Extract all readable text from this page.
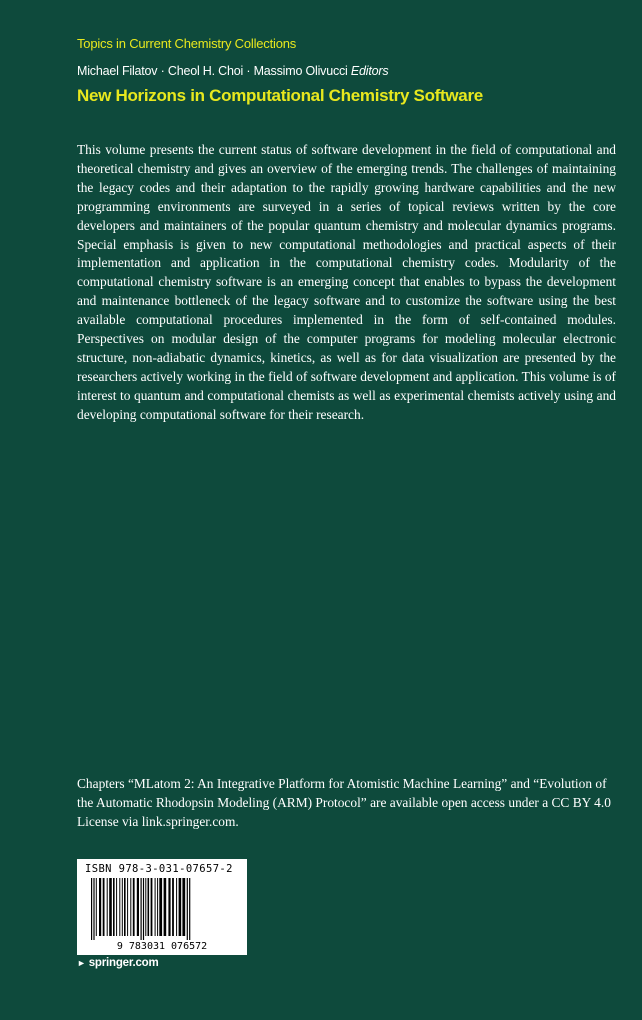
Topics in Current Chemistry Collections
Michael Filatov · Cheol H. Choi · Massimo Olivucci Editors
New Horizons in Computational Chemistry Software

This volume presents the current status of software development in the field of computational and theoretical chemistry and gives an overview of the emerging trends. The challenges of maintaining the legacy codes and their adaptation to the rapidly growing hardware capabilities and the new programming environments are surveyed in a series of topical reviews written by the core developers and maintainers of the popular quantum chemistry and molecular dynamics programs. Special emphasis is given to new computational methodologies and practical aspects of their implementation and application in the computational chemistry codes. Modularity of the computational chemistry software is an emerging concept that enables to bypass the development and maintenance bottleneck of the legacy software and to customize the software using the best available computational procedures implemented in the form of self-contained modules. Perspectives on modular design of the computer programs for modeling molecular electronic structure, non-adiabatic dynamics, kinetics, as well as for data visualization are presented by the researchers actively working in the field of software development and application. This volume is of interest to quantum and computational chemists as well as experimental chemists actively using and developing computational software for their research.

Chapters “MLatom 2: An Integrative Platform for Atomistic Machine Learning” and “Evolution of the Automatic Rhodopsin Modeling (ARM) Protocol” are available open access under a CC BY 4.0 License via link.springer.com.

ISBN 978-3-031-07657-2
9 783031 076572
► springer.com
